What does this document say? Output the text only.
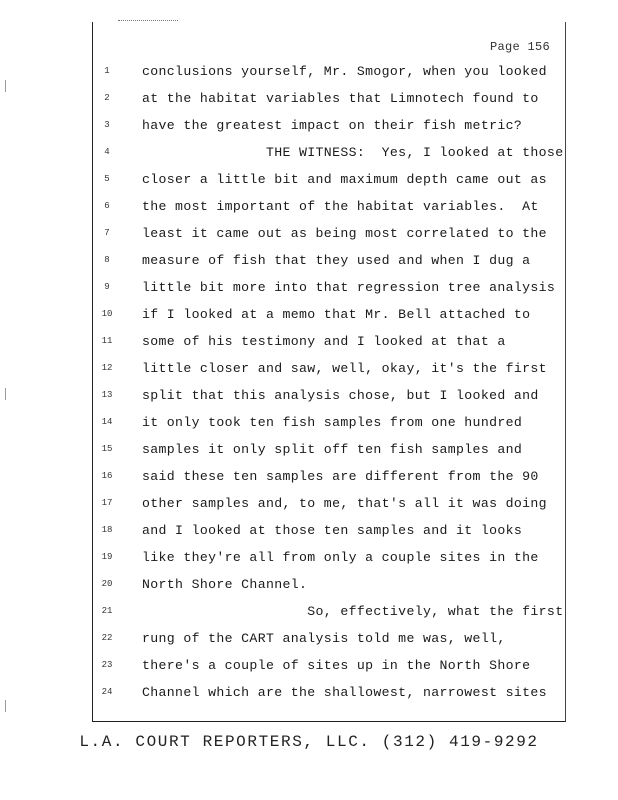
Page 156
1	conclusions yourself, Mr. Smogor, when you looked
2	at the habitat variables that Limnotech found to
3	have the greatest impact on their fish metric?
4	THE WITNESS:  Yes, I looked at those
5	closer a little bit and maximum depth came out as
6	the most important of the habitat variables.  At
7	least it came out as being most correlated to the
8	measure of fish that they used and when I dug a
9	little bit more into that regression tree analysis
10	if I looked at a memo that Mr. Bell attached to
11	some of his testimony and I looked at that a
12	little closer and saw, well, okay, it's the first
13	split that this analysis chose, but I looked and
14	it only took ten fish samples from one hundred
15	samples it only split off ten fish samples and
16	said these ten samples are different from the 90
17	other samples and, to me, that's all it was doing
18	and I looked at those ten samples and it looks
19	like they're all from only a couple sites in the
20	North Shore Channel.
21	So, effectively, what the first
22	rung of the CART analysis told me was, well,
23	there's a couple of sites up in the North Shore
24	Channel which are the shallowest, narrowest sites
L.A. COURT REPORTERS, LLC. (312) 419-9292
